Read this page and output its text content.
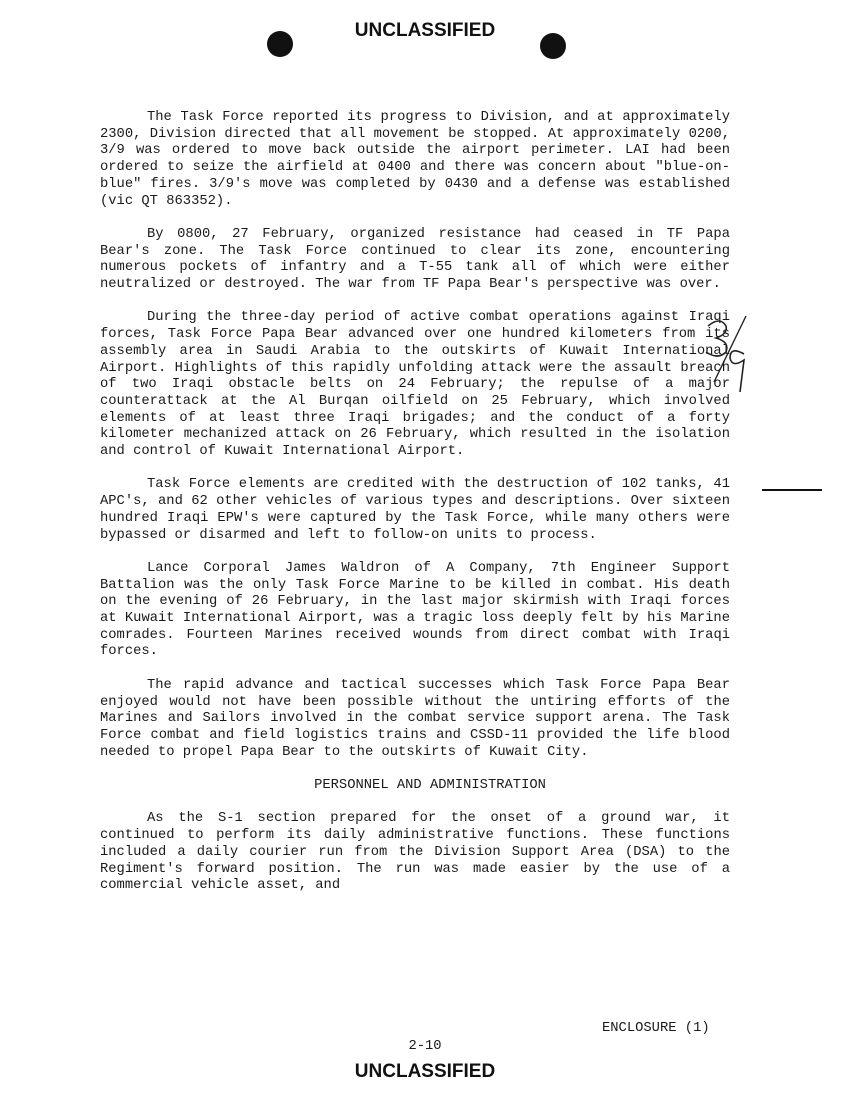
UNCLASSIFIED

The Task Force reported its progress to Division, and at approximately 2300, Division directed that all movement be stopped. At approximately 0200, 3/9 was ordered to move back outside the airport perimeter. LAI had been ordered to seize the airfield at 0400 and there was concern about "blue-on-blue" fires. 3/9's move was completed by 0430 and a defense was established (vic QT 863352).

By 0800, 27 February, organized resistance had ceased in TF Papa Bear's zone. The Task Force continued to clear its zone, encountering numerous pockets of infantry and a T-55 tank all of which were either neutralized or destroyed. The war from TF Papa Bear's perspective was over.

During the three-day period of active combat operations against Iraqi forces, Task Force Papa Bear advanced over one hundred kilometers from its assembly area in Saudi Arabia to the outskirts of Kuwait International Airport. Highlights of this rapidly unfolding attack were the assault breach of two Iraqi obstacle belts on 24 February; the repulse of a major counterattack at the Al Burqan oilfield on 25 February, which involved elements of at least three Iraqi brigades; and the conduct of a forty kilometer mechanized attack on 26 February, which resulted in the isolation and control of Kuwait International Airport.

Task Force elements are credited with the destruction of 102 tanks, 41 APC's, and 62 other vehicles of various types and descriptions. Over sixteen hundred Iraqi EPW's were captured by the Task Force, while many others were bypassed or disarmed and left to follow-on units to process.

Lance Corporal James Waldron of A Company, 7th Engineer Support Battalion was the only Task Force Marine to be killed in combat. His death on the evening of 26 February, in the last major skirmish with Iraqi forces at Kuwait International Airport, was a tragic loss deeply felt by his Marine comrades. Fourteen Marines received wounds from direct combat with Iraqi forces.

The rapid advance and tactical successes which Task Force Papa Bear enjoyed would not have been possible without the untiring efforts of the Marines and Sailors involved in the combat service support arena. The Task Force combat and field logistics trains and CSSD-11 provided the life blood needed to propel Papa Bear to the outskirts of Kuwait City.

PERSONNEL AND ADMINISTRATION

As the S-1 section prepared for the onset of a ground war, it continued to perform its daily administrative functions. These functions included a daily courier run from the Division Support Area (DSA) to the Regiment's forward position. The run was made easier by the use of a commercial vehicle asset, and

ENCLOSURE (1)
2-10
UNCLASSIFIED
